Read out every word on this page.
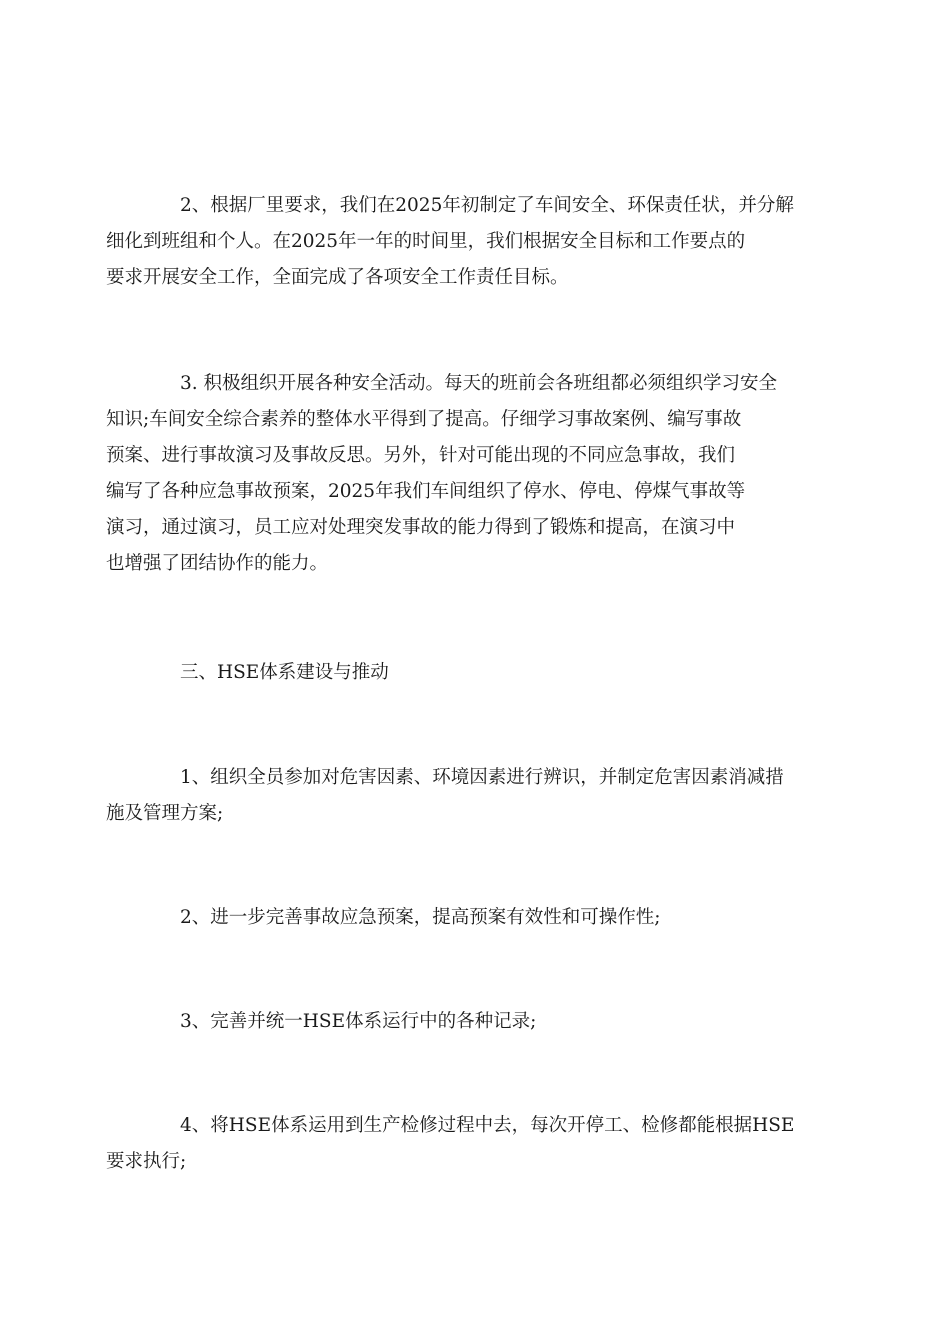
2、根据厂里要求，我们在2025年初制定了车间安全、环保责任状，并分解
细化到班组和个人。在2025年一年的时间里，我们根据安全目标和工作要点的
要求开展安全工作，全面完成了各项安全工作责任目标。

3. 积极组织开展各种安全活动。每天的班前会各班组都必须组织学习安全
知识;车间安全综合素养的整体水平得到了提高。仔细学习事故案例、编写事故
预案、进行事故演习及事故反思。另外，针对可能出现的不同应急事故，我们
编写了各种应急事故预案，2025年我们车间组织了停水、停电、停煤气事故等
演习，通过演习，员工应对处理突发事故的能力得到了锻炼和提高，在演习中
也增强了团结协作的能力。

三、HSE体系建设与推动

1、组织全员参加对危害因素、环境因素进行辨识，并制定危害因素消减措
施及管理方案;

2、进一步完善事故应急预案，提高预案有效性和可操作性;

3、完善并统一HSE体系运行中的各种记录;

4、将HSE体系运用到生产检修过程中去，每次开停工、检修都能根据HSE
要求执行;
